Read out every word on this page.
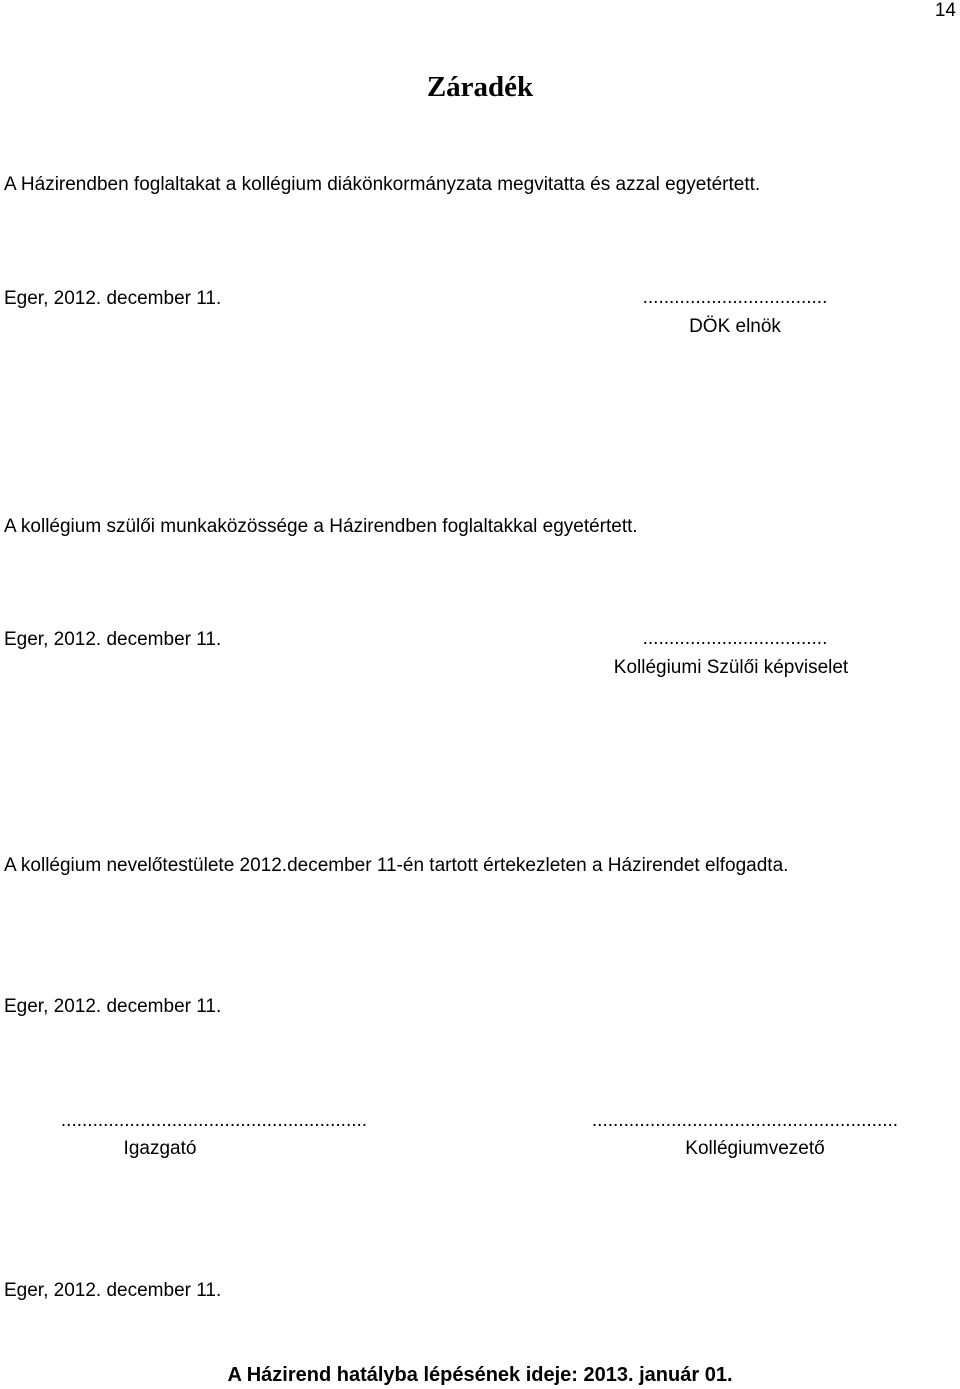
14
Záradék
A Házirendben foglaltakat a kollégium diákönkormányzata megvitatta és azzal egyetértett.
Eger, 2012. december 11.	...................................
DÖK elnök
A kollégium szülői munkaközössége a Házirendben foglaltakkal egyetértett.
Eger, 2012. december 11.	...................................
Kollégiumi Szülői képviselet
A kollégium nevelőtestülete 2012.december 11-én tartott értekezleten a Házirendet elfogadta.
Eger, 2012. december 11.
..........................................................
Igazgató
..........................................................
Kollégiumvezető
Eger, 2012. december 11.
A Házirend hatályba lépésének ideje: 2013. január 01.
